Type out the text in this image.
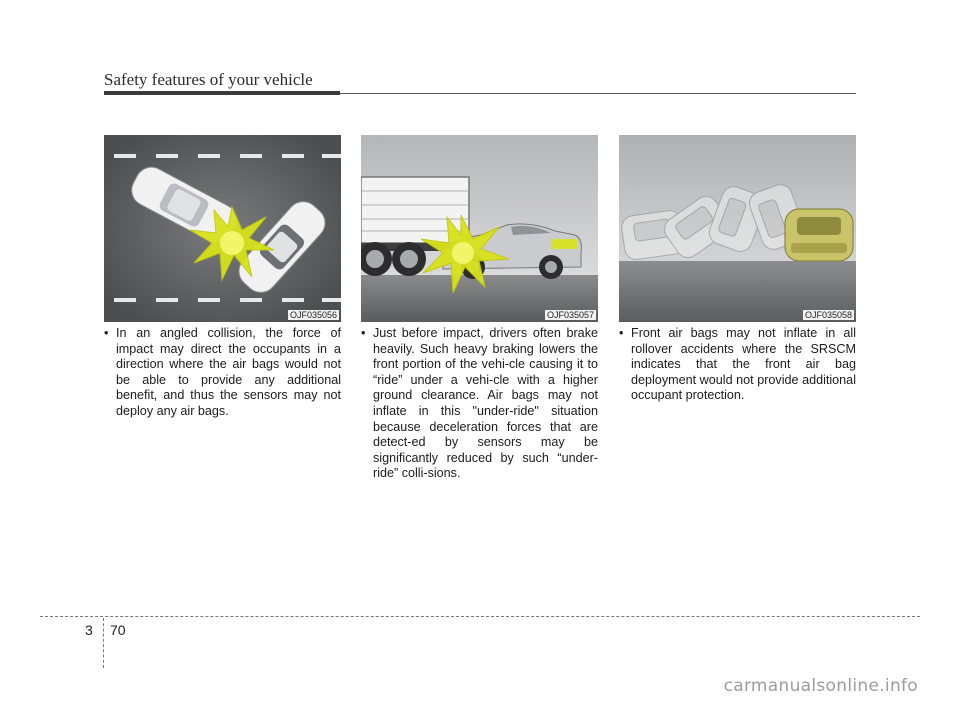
Safety features of your vehicle
OJF035056	OJF035057	OJF035058
• In an angled collision, the force of impact may direct the occupants in a direction where the air bags would not be able to provide any additional benefit, and thus the sensors may not deploy any air bags.
• Just before impact, drivers often brake heavily. Such heavy braking lowers the front portion of the vehi-cle causing it to “ride” under a vehi-cle with a higher ground clearance. Air bags may not inflate in this "under-ride" situation because deceleration forces that are detect-ed by sensors may be significantly reduced by such “under-ride” colli-sions.
• Front air bags may not inflate in all rollover accidents where the SRSCM indicates that the front air bag deployment would not provide additional occupant protection.
3 70
carmanualsonline.info
